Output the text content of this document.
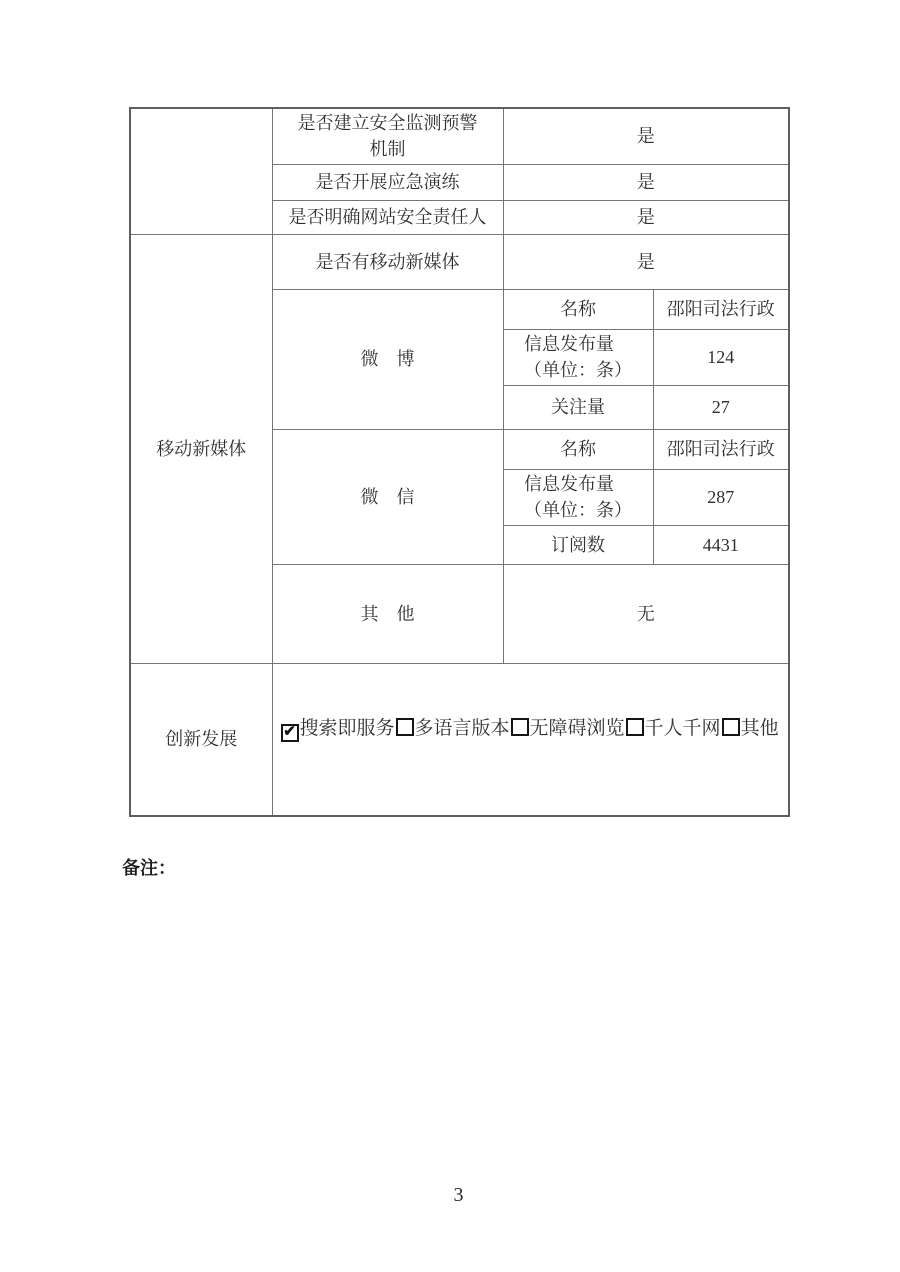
	是否建立安全监测预警
机制	是	
	是否开展应急演练	是	
	是否明确网站安全责任人	是	
移动新媒体	是否有移动新媒体	是	
	微　博	名称	邵阳司法行政

		信息发布量
（单位：条）	124
		关注量	27
	微　信	名称	邵阳司法行政

		信息发布量
（单位：条）	287
		订阅数	4431
	其　他	无	
创新发展	✔ 搜索即服务 多语言版本 无障碍浏览 千人千网 其他		
备注：
3
